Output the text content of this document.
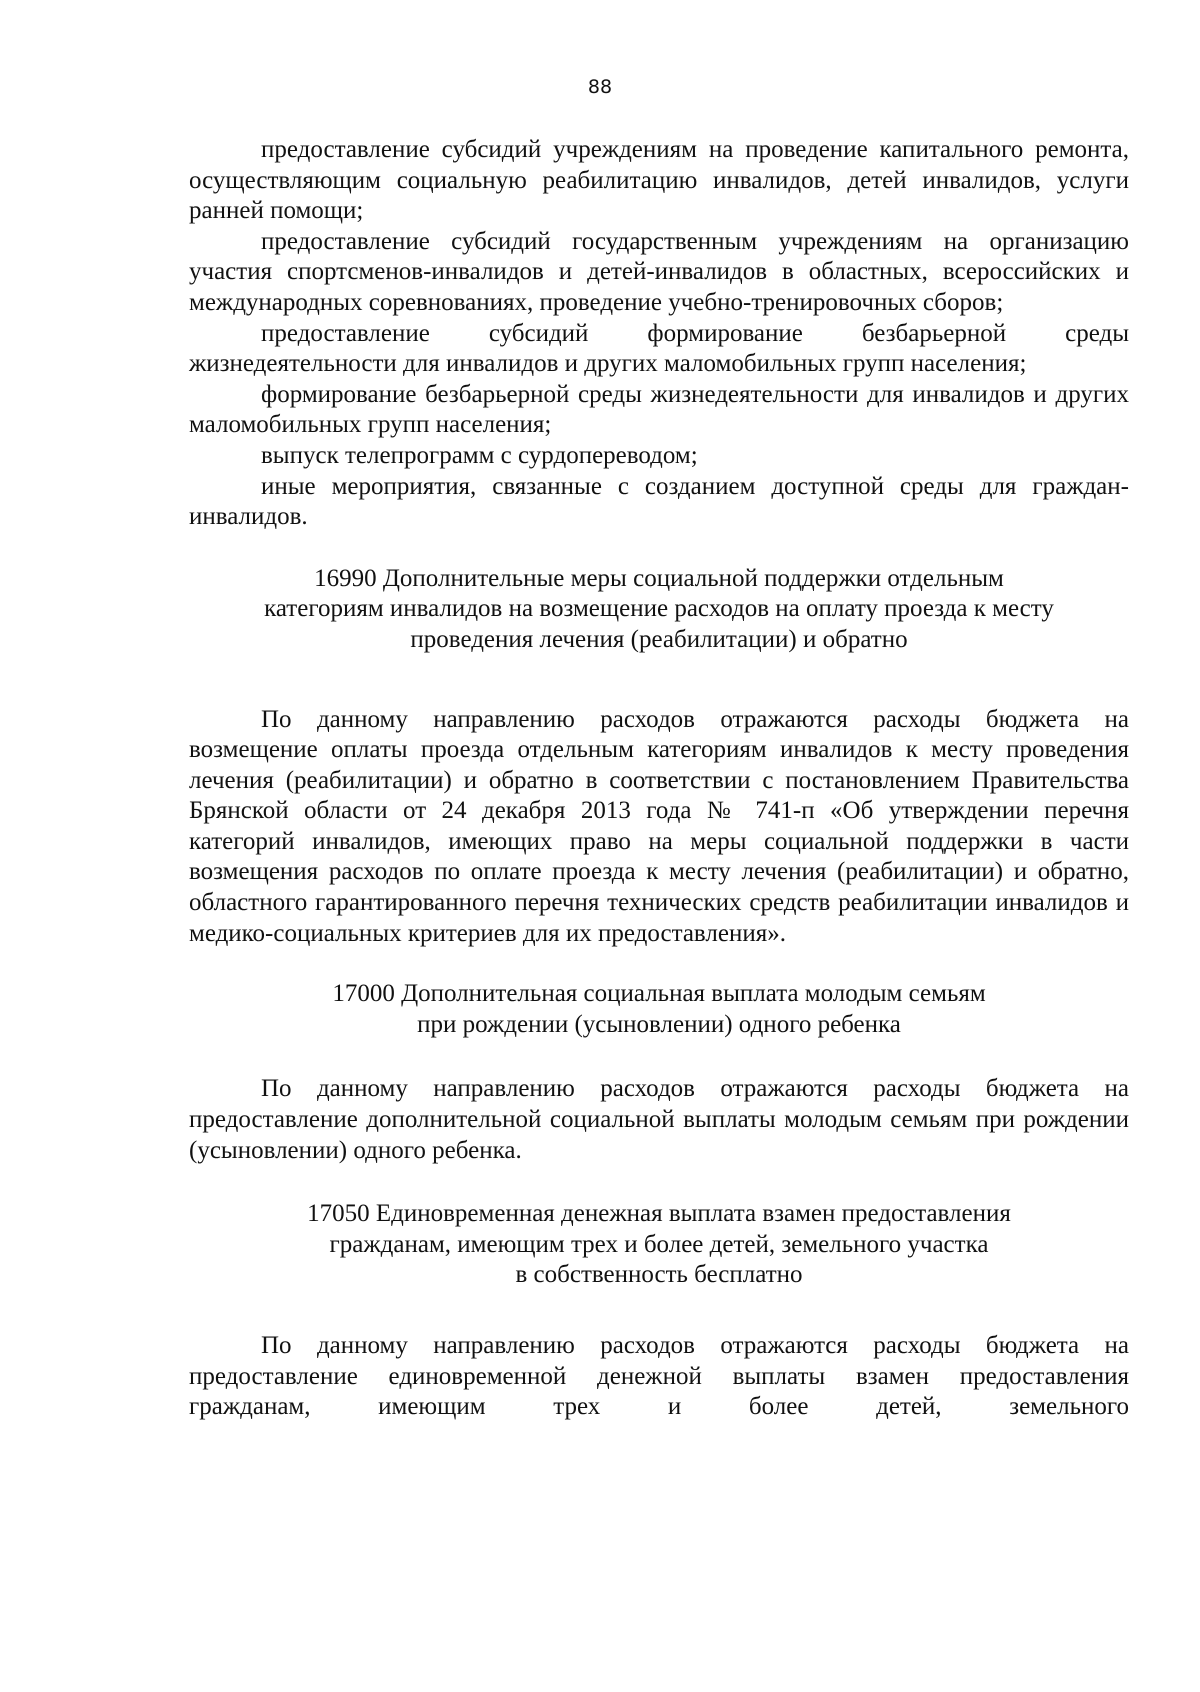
88

предоставление субсидий учреждениям на проведение капитального ремонта, осуществляющим социальную реабилитацию инвалидов, детей инвалидов, услуги ранней помощи;

предоставление субсидий государственным учреждениям на организацию участия спортсменов-инвалидов и детей-инвалидов в областных, всероссийских и международных соревнованиях, проведение учебно-тренировочных сборов;

предоставление субсидий формирование безбарьерной среды жизнедеятельности для инвалидов и других маломобильных групп населения;

формирование безбарьерной среды жизнедеятельности для инвалидов и других маломобильных групп населения;

выпуск телепрограмм с сурдопереводом;

иные мероприятия, связанные с созданием доступной среды для граждан-инвалидов.

16990 Дополнительные меры социальной поддержки отдельным
категориям инвалидов на возмещение расходов на оплату проезда к месту
проведения лечения (реабилитации) и обратно

По данному направлению расходов отражаются расходы бюджета на возмещение оплаты проезда отдельным категориям инвалидов к месту проведения лечения (реабилитации) и обратно в соответствии с постановлением Правительства Брянской области от 24 декабря 2013 года № 741-п «Об утверждении перечня категорий инвалидов, имеющих право на меры социальной поддержки в части возмещения расходов по оплате проезда к месту лечения (реабилитации) и обратно, областного гарантированного перечня технических средств реабилитации инвалидов и медико-социальных критериев для их предоставления».

17000 Дополнительная социальная выплата молодым семьям
при рождении (усыновлении) одного ребенка

По данному направлению расходов отражаются расходы бюджета на предоставление дополнительной социальной выплаты молодым семьям при рождении (усыновлении) одного ребенка.

17050 Единовременная денежная выплата взамен предоставления
гражданам, имеющим трех и более детей, земельного участка
в собственность бесплатно

По данному направлению расходов отражаются расходы бюджета на предоставление единовременной денежной выплаты взамен предоставления гражданам, имеющим трех и более детей, земельного
